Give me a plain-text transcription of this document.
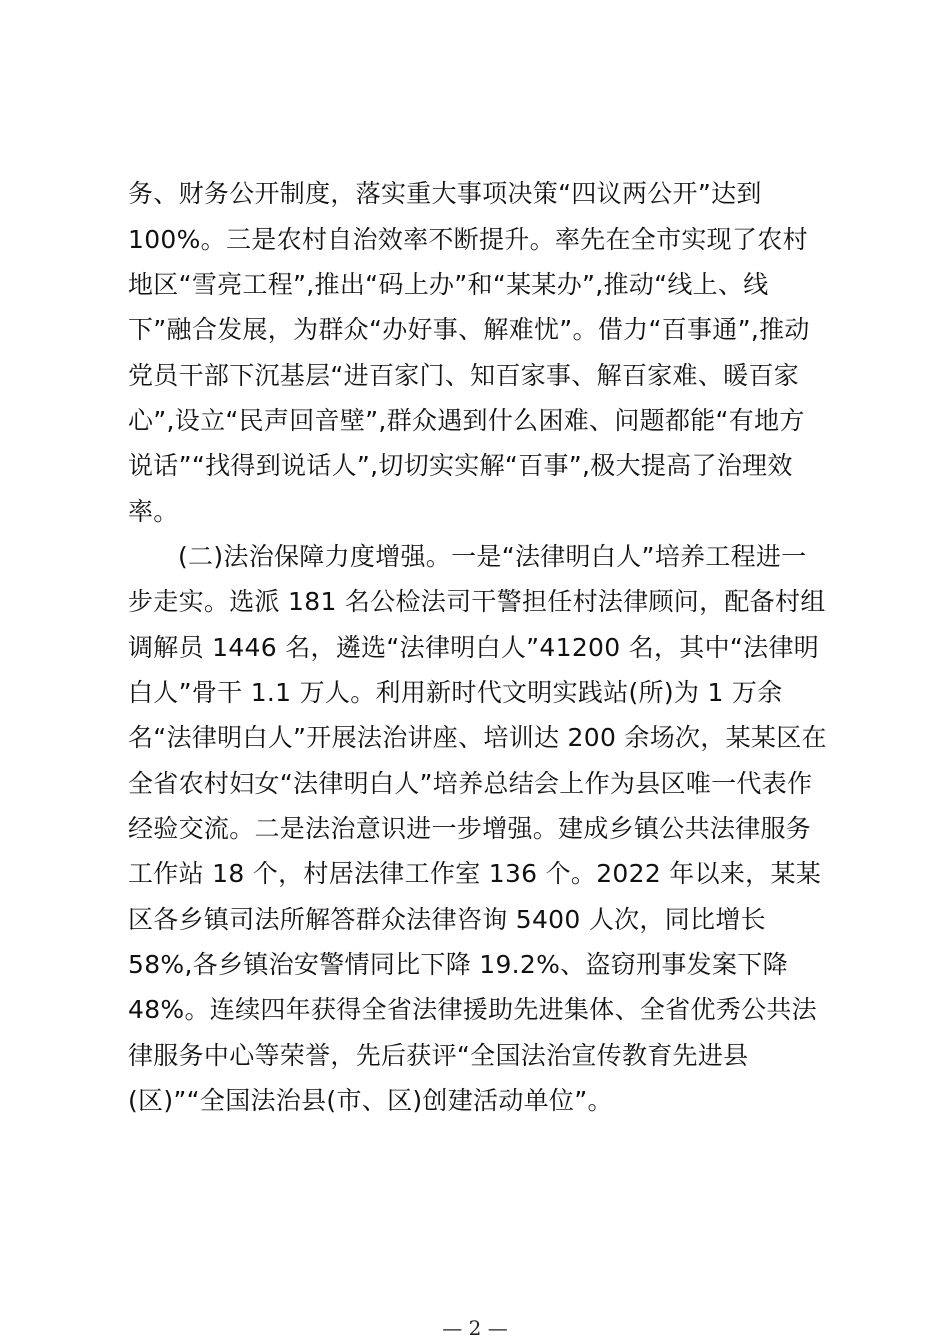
务、财务公开制度，落实重大事项决策“四议两公开”达到
100%。三是农村自治效率不断提升。率先在全市实现了农村
地区“雪亮工程”,推出“码上办”和“某某办”,推动“线上、线
下”融合发展，为群众“办好事、解难忧”。借力“百事通”,推动
党员干部下沉基层“进百家门、知百家事、解百家难、暖百家
心”,设立“民声回音壁”,群众遇到什么困难、问题都能“有地方
说话”“找得到说话人”,切切实实解“百事”,极大提高了治理效
率。
(二)法治保障力度增强。一是“法律明白人”培养工程进一
步走实。选派 181 名公检法司干警担任村法律顾问，配备村组
调解员 1446 名，遴选“法律明白人”41200 名，其中“法律明
白人”骨干 1.1 万人。利用新时代文明实践站(所)为 1 万余
名“法律明白人”开展法治讲座、培训达 200 余场次，某某区在
全省农村妇女“法律明白人”培养总结会上作为县区唯一代表作
经验交流。二是法治意识进一步增强。建成乡镇公共法律服务
工作站 18 个，村居法律工作室 136 个。2022 年以来，某某
区各乡镇司法所解答群众法律咨询 5400 人次，同比增长
58%,各乡镇治安警情同比下降 19.2%、盗窃刑事发案下降
48%。连续四年获得全省法律援助先进集体、全省优秀公共法
律服务中心等荣誉，先后获评“全国法治宣传教育先进县
(区)”“全国法治县(市、区)创建活动单位”。
— 2 —
